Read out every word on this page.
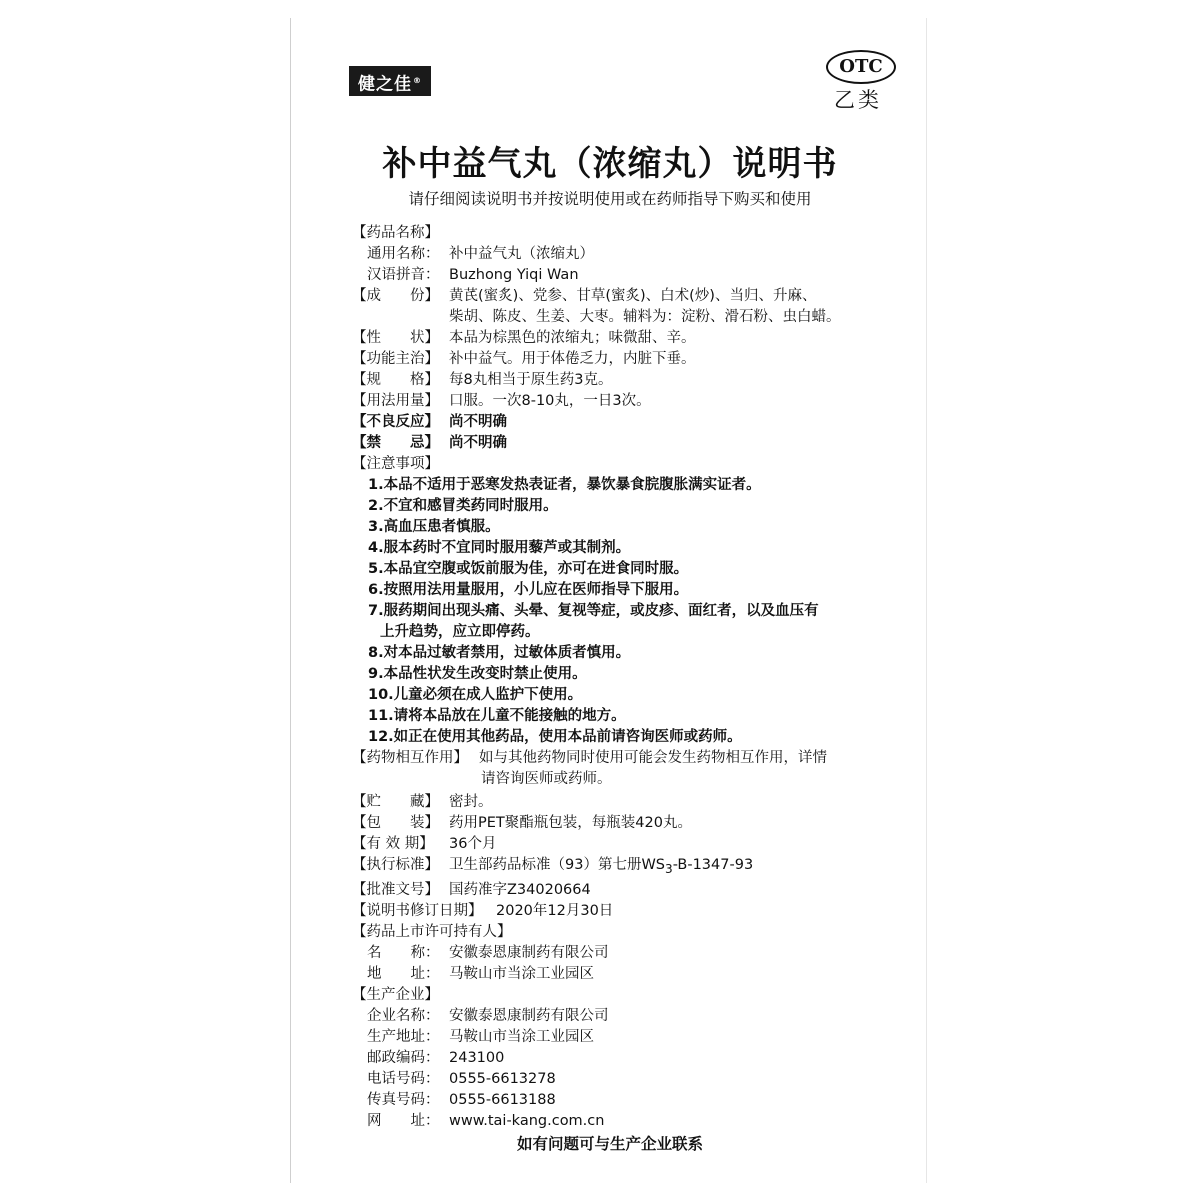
健之佳®
OTC
乙类
补中益气丸（浓缩丸）说明书
请仔细阅读说明书并按说明使用或在药师指导下购买和使用
【药品名称】
通用名称： 补中益气丸（浓缩丸）
汉语拼音： Buzhong Yiqi Wan
【成　　份】 黄芪(蜜炙)、党参、甘草(蜜炙)、白术(炒)、当归、升麻、
柴胡、陈皮、生姜、大枣。辅料为：淀粉、滑石粉、虫白蜡。
【性　　状】 本品为棕黑色的浓缩丸；味微甜、辛。
【功能主治】 补中益气。用于体倦乏力，内脏下垂。
【规　　格】 每8丸相当于原生药3克。
【用法用量】 口服。一次8-10丸，一日3次。
【不良反应】 尚不明确
【禁　　忌】 尚不明确
【注意事项】
1.本品不适用于恶寒发热表证者，暴饮暴食脘腹胀满实证者。
2.不宜和感冒类药同时服用。
3.高血压患者慎服。
4.服本药时不宜同时服用藜芦或其制剂。
5.本品宜空腹或饭前服为佳，亦可在进食同时服。
6.按照用法用量服用，小儿应在医师指导下服用。
7.服药期间出现头痛、头晕、复视等症，或皮疹、面红者，以及血压有
上升趋势，应立即停药。
8.对本品过敏者禁用，过敏体质者慎用。
9.本品性状发生改变时禁止使用。
10.儿童必须在成人监护下使用。
11.请将本品放在儿童不能接触的地方。
12.如正在使用其他药品，使用本品前请咨询医师或药师。
【药物相互作用】 如与其他药物同时使用可能会发生药物相互作用，详情
请咨询医师或药师。
【贮　　藏】 密封。
【包　　装】 药用PET聚酯瓶包装，每瓶装420丸。
【有 效 期】	36个月
【执行标准】 卫生部药品标准（93）第七册$WS_3-B-1347-93$
【批准文号】 国药准字Z34020664
【说明书修订日期】 2020年12月30日
【药品上市许可持有人】
名　　称： 安徽泰恩康制药有限公司
地　　址： 马鞍山市当涂工业园区
【生产企业】
企业名称： 安徽泰恩康制药有限公司
生产地址： 马鞍山市当涂工业园区
邮政编码： 243100
电话号码： 0555-6613278
传真号码： 0555-6613188
网　　址： www.tai-kang.com.cn
如有问题可与生产企业联系
